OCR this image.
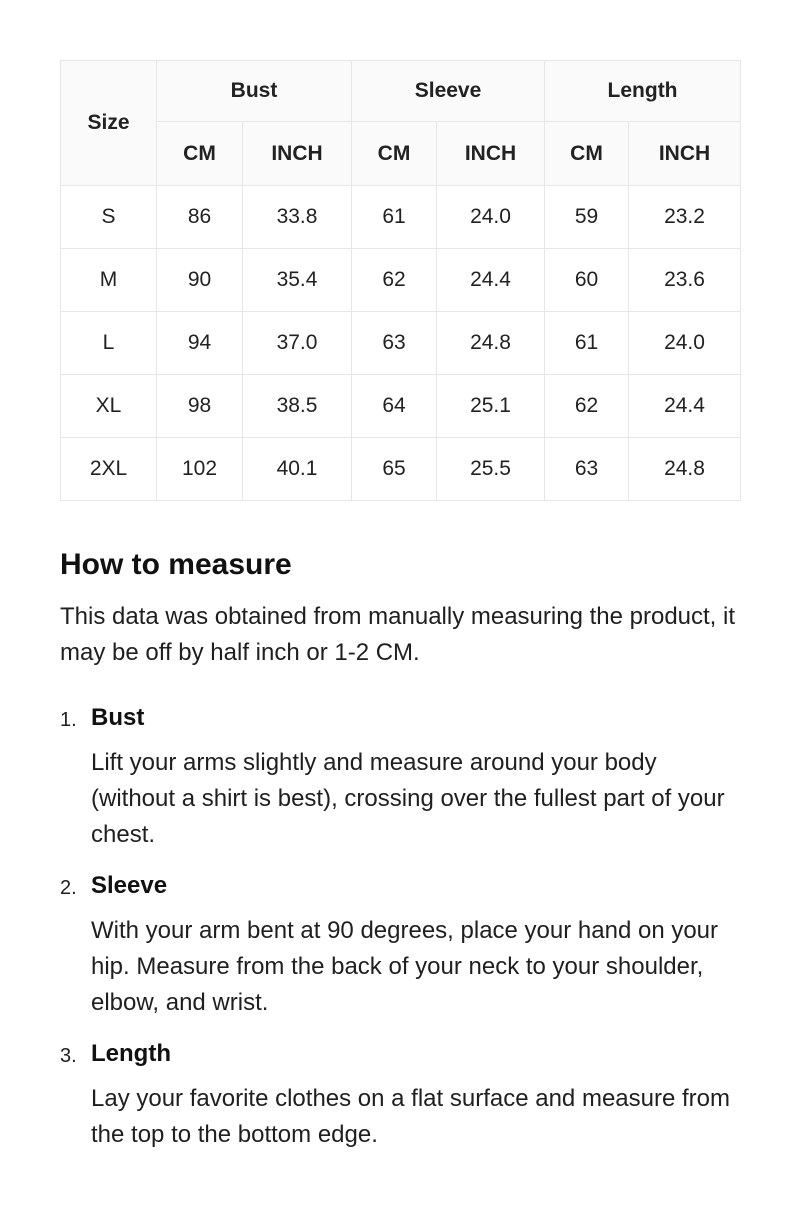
Size	Bust		Sleeve		Length	
	CM	INCH	CM	INCH	CM	INCH
S	86	33.8	61	24.0	59	23.2
M	90	35.4	62	24.4	60	23.6
L	94	37.0	63	24.8	61	24.0
XL	98	38.5	64	25.1	62	24.4
2XL	102	40.1	65	25.5	63	24.8
How to measure

This data was obtained from manually measuring the product, it may be off by half inch or 1-2 CM.

1. Bust
Lift your arms slightly and measure around your body (without a shirt is best), crossing over the fullest part of your chest.
2. Sleeve
With your arm bent at 90 degrees, place your hand on your hip. Measure from the back of your neck to your shoulder, elbow, and wrist.
3. Length
Lay your favorite clothes on a flat surface and measure from the top to the bottom edge.
